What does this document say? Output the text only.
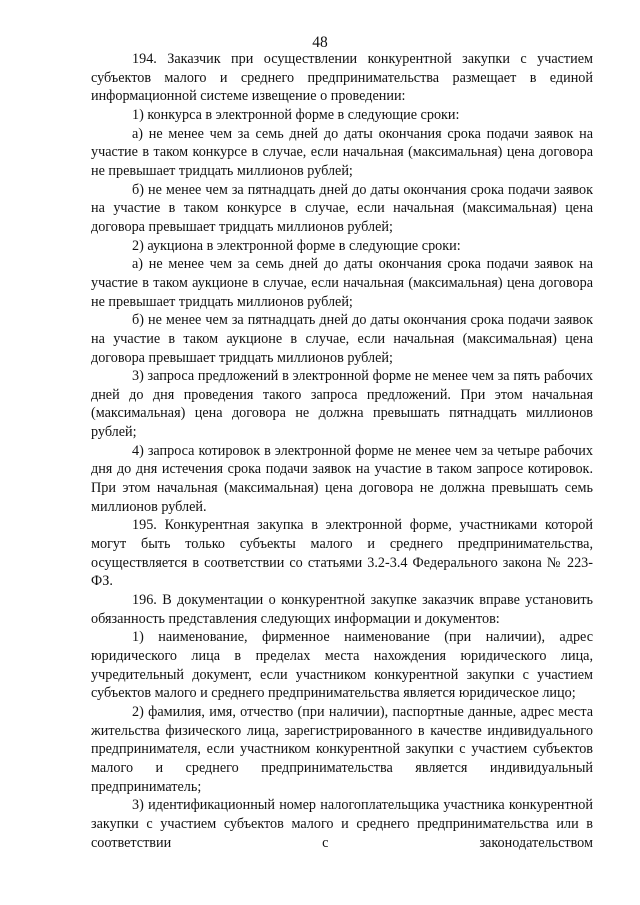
48

194. Заказчик при осуществлении конкурентной закупки с участием субъектов малого и среднего предпринимательства размещает в единой информационной системе извещение о проведении:

1) конкурса в электронной форме в следующие сроки:

а) не менее чем за семь дней до даты окончания срока подачи заявок на участие в таком конкурсе в случае, если начальная (максимальная) цена договора не превышает тридцать миллионов рублей;

б) не менее чем за пятнадцать дней до даты окончания срока подачи заявок на участие в таком конкурсе в случае, если начальная (максимальная) цена договора превышает тридцать миллионов рублей;

2) аукциона в электронной форме в следующие сроки:

а) не менее чем за семь дней до даты окончания срока подачи заявок на участие в таком аукционе в случае, если начальная (максимальная) цена договора не превышает тридцать миллионов рублей;

б) не менее чем за пятнадцать дней до даты окончания срока подачи заявок на участие в таком аукционе в случае, если начальная (максимальная) цена договора превышает тридцать миллионов рублей;

3) запроса предложений в электронной форме не менее чем за пять рабочих дней до дня проведения такого запроса предложений. При этом начальная (максимальная) цена договора не должна превышать пятнадцать миллионов рублей;

4) запроса котировок в электронной форме не менее чем за четыре рабочих дня до дня истечения срока подачи заявок на участие в таком запросе котировок. При этом начальная (максимальная) цена договора не должна превышать семь миллионов рублей.

195. Конкурентная закупка в электронной форме, участниками которой могут быть только субъекты малого и среднего предпринимательства, осуществляется в соответствии со статьями 3.2-3.4 Федерального закона № 223-ФЗ.

196. В документации о конкурентной закупке заказчик вправе установить обязанность представления следующих информации и документов:

1) наименование, фирменное наименование (при наличии), адрес юридического лица в пределах места нахождения юридического лица, учредительный документ, если участником конкурентной закупки с участием субъектов малого и среднего предпринимательства является юридическое лицо;

2) фамилия, имя, отчество (при наличии), паспортные данные, адрес места жительства физического лица, зарегистрированного в качестве индивидуального предпринимателя, если участником конкурентной закупки с участием субъектов малого и среднего предпринимательства является индивидуальный предприниматель;

3) идентификационный номер налогоплательщика участника конкурентной закупки с участием субъектов малого и среднего предпринимательства или в соответствии с законодательством
